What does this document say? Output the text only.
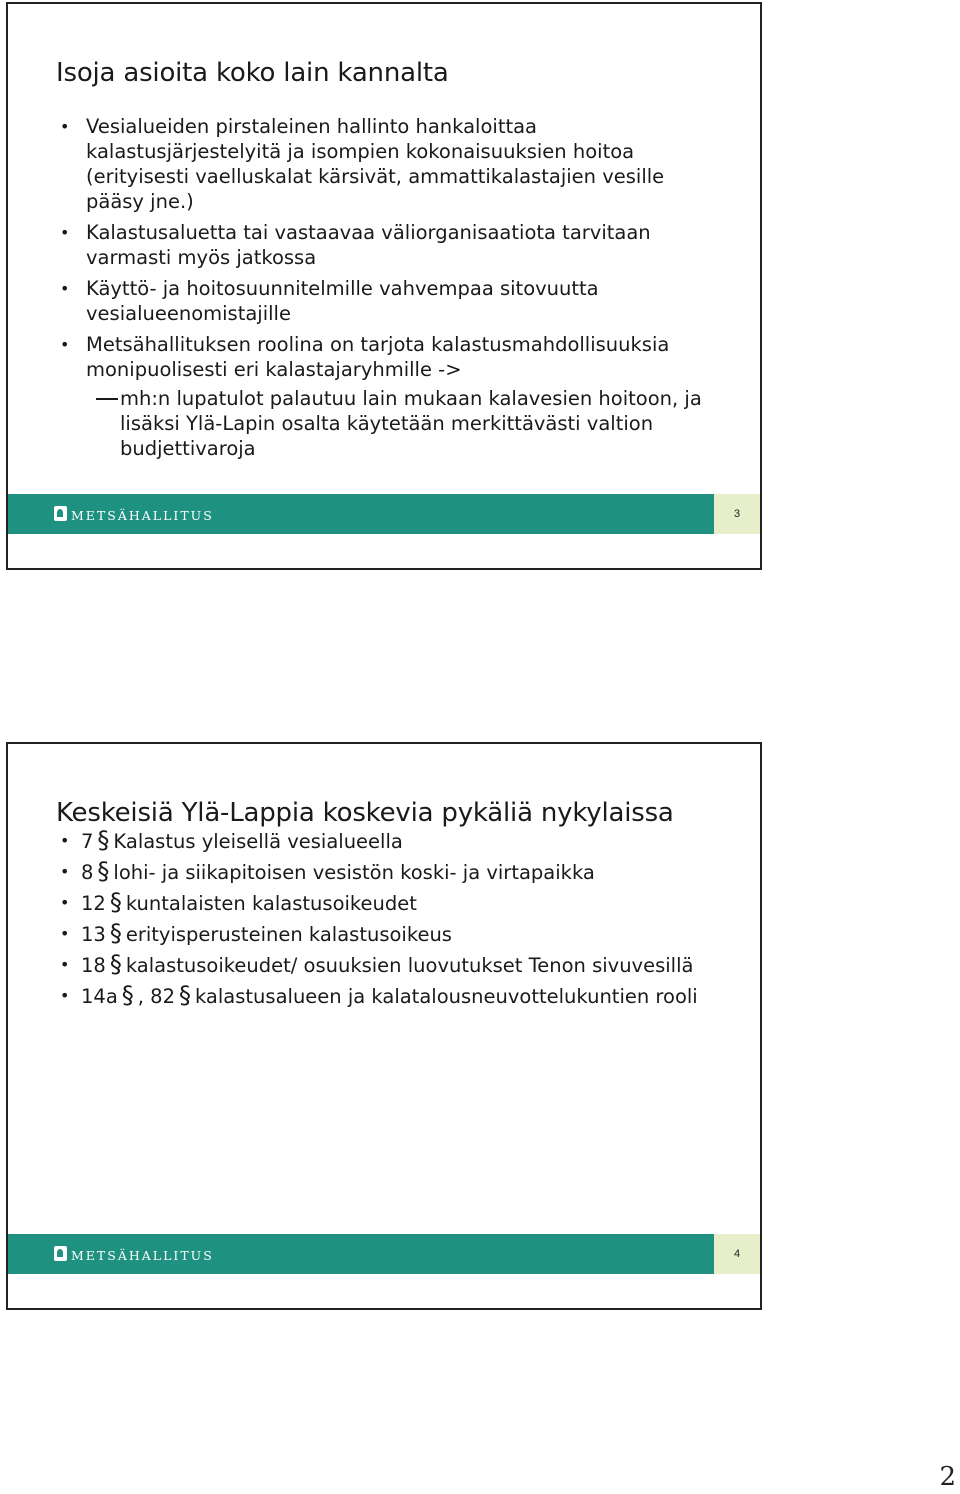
Isoja asioita koko lain kannalta
• Vesialueiden pirstaleinen hallinto hankaloittaa kalastusjärjestelyitä ja isompien kokonaisuuksien hoitoa (erityisesti vaelluskalat kärsivät, ammattikalastajien vesille pääsy jne.)
• Kalastusaluetta tai vastaavaa väliorganisaatiota tarvitaan varmasti myös jatkossa
• Käyttö- ja hoitosuunnitelmille vahvempaa sitovuutta vesialueenomistajille
• Metsähallituksen roolina on tarjota kalastusmahdollisuuksia monipuolisesti eri kalastajaryhmille ->
mh:n lupatulot palautuu lain mukaan kalavesien hoitoon, ja lisäksi Ylä-Lapin osalta käytetään merkittävästi valtion budjettivaroja
METSÄHALLITUS	3
Keskeisiä Ylä-Lappia koskevia pykäliä nykylaissa
• 7 § Kalastus yleisellä vesialueella
• 8 § lohi- ja siikapitoisen vesistön koski- ja virtapaikka
• 12 § kuntalaisten kalastusoikeudet
• 13 § erityisperusteinen kalastusoikeus
• 18 § kalastusoikeudet/ osuuksien luovutukset Tenon sivuvesillä
• 14a § , 82 § kalastusalueen ja kalatalousneuvottelukuntien rooli
METSÄHALLITUS	4
2
